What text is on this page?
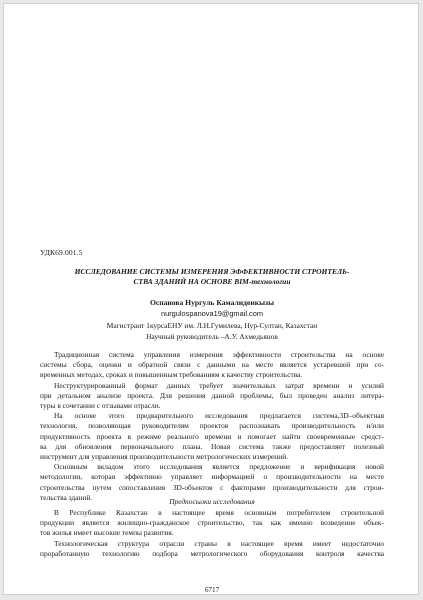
УДК69.001.5
ИССЛЕДОВАНИЕ СИСТЕМЫ ИЗМЕРЕНИЯ ЭФФЕКТИВНОСТИ СТРОИТЕЛЬ-
СТВА ЗДАНИЙ НА ОСНОВЕ BIM-технологии
Оспанова Нургуль Камалиденкызы
nurgulospanova19@gmail.com
Магистрант 1курсаЕНУ им. Л.Н.Гумилева, Нур-Султан, Казахстан
Научный руководитель –А.У. Ахмедьянов
Традиционная система управления измерения эффективности строительства на основе
системы сбора, оценки и обратной связи с данными на месте является устаревшей при со-
временных методах, сроках и повышенным требованиям к качеству строительства.
Неструктурированный формат данных требует значительных затрат времени и усилий
при детальном анализе проекта. Для решения данной проблемы, был проведен анализ литера-
туры в сочетании с отзывами отрасли.
На основе этого предварительного исследования предлагается система,3D–объектная
технология, позволяющая руководителям проектов распознавать производительность и/или
продуктивность проекта в режиме реального времени и помогает найти своевременные средст-
ва для обновления первоначального плана. Новая система также предоставляет полезный
инструмент для управления производительности метрологических измерений.
Основным вкладом этого исследования является предложение и верификация новой
методологии, которая эффективно управляет информацией о производительности на месте
строительства путем сопоставления 3D-объектов с факторами производительности для строи-
тельства зданий.	Предпосылки исследования
В Республике Казахстан в настоящее время основным потребителем строительной
продукции является жилищно-гражданское строительство, так как именно возведение объек-
тов жилья имеет высокие темпы развития.
Технологическая структура отрасли страны в настоящее время имеет недостаточно
проработанную технологию подбора метрологического оборудования контроля качества
6717
